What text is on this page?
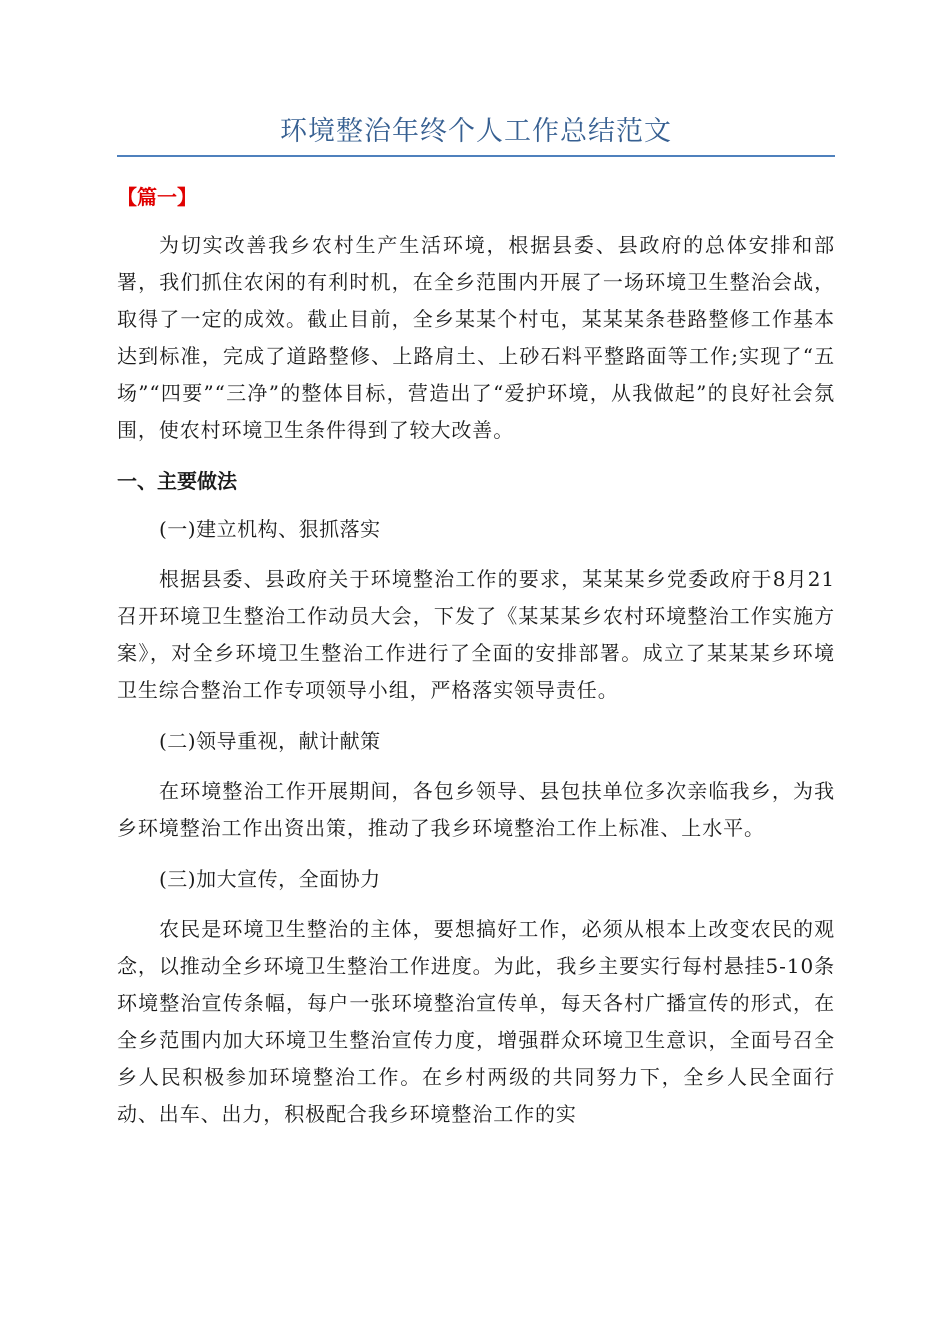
环境整治年终个人工作总结范文
【篇一】

为切实改善我乡农村生产生活环境，根据县委、县政府的总体安排和部署，我们抓住农闲的有利时机，在全乡范围内开展了一场环境卫生整治会战，取得了一定的成效。截止目前，全乡某某个村屯，某某某条巷路整修工作基本达到标准，完成了道路整修、上路肩土、上砂石料平整路面等工作;实现了“五场”“四要”“三净”的整体目标，营造出了“爱护环境，从我做起”的良好社会氛围，使农村环境卫生条件得到了较大改善。

一、主要做法
(一)建立机构、狠抓落实

根据县委、县政府关于环境整治工作的要求，某某某乡党委政府于8月21召开环境卫生整治工作动员大会，下发了《某某某乡农村环境整治工作实施方案》，对全乡环境卫生整治工作进行了全面的安排部署。成立了某某某乡环境卫生综合整治工作专项领导小组，严格落实领导责任。

(二)领导重视，献计献策

在环境整治工作开展期间，各包乡领导、县包扶单位多次亲临我乡，为我乡环境整治工作出资出策，推动了我乡环境整治工作上标准、上水平。

(三)加大宣传，全面协力

农民是环境卫生整治的主体，要想搞好工作，必须从根本上改变农民的观念，以推动全乡环境卫生整治工作进度。为此，我乡主要实行每村悬挂5-10条环境整治宣传条幅，每户一张环境整治宣传单，每天各村广播宣传的形式，在全乡范围内加大环境卫生整治宣传力度，增强群众环境卫生意识，全面号召全乡人民积极参加环境整治工作。在乡村两级的共同努力下，全乡人民全面行动、出车、出力，积极配合我乡环境整治工作的实
